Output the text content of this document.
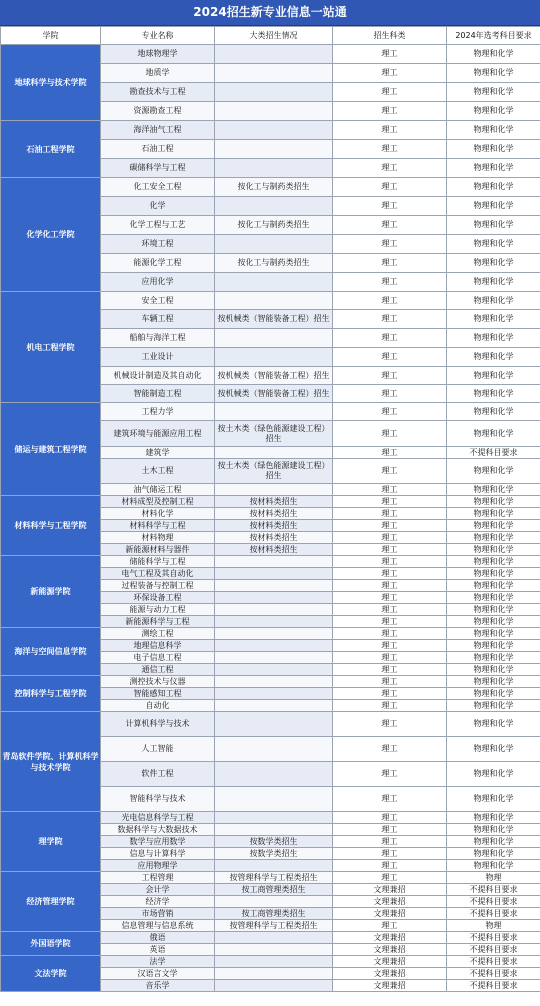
2024招生新专业信息一站通
学院	专业名称	大类招生情况	招生科类	2024年选考科目要求
地球科学与技术学院	地球物理学		理工	物理和化学
	地质学		理工	物理和化学
	勘查技术与工程		理工	物理和化学
	资源勘查工程		理工	物理和化学
石油工程学院	海洋油气工程		理工	物理和化学
	石油工程		理工	物理和化学
	碳储科学与工程		理工	物理和化学
化学化工学院	化工安全工程	按化工与制药类招生	理工	物理和化学
	化学		理工	物理和化学
	化学工程与工艺	按化工与制药类招生	理工	物理和化学
	环境工程		理工	物理和化学
	能源化学工程	按化工与制药类招生	理工	物理和化学
	应用化学		理工	物理和化学
机电工程学院	安全工程		理工	物理和化学
	车辆工程	按机械类（智能装备工程）招生	理工	物理和化学
	船舶与海洋工程		理工	物理和化学
	工业设计		理工	物理和化学
	机械设计制造及其自动化	按机械类（智能装备工程）招生	理工	物理和化学
	智能制造工程	按机械类（智能装备工程）招生	理工	物理和化学
储运与建筑工程学院	工程力学		理工	物理和化学
	建筑环境与能源应用工程	按土木类（绿色能源建设工程）招生	理工	物理和化学
	建筑学		理工	不提科目要求
	土木工程	按土木类（绿色能源建设工程）招生	理工	物理和化学
	油气储运工程		理工	物理和化学
材料科学与工程学院	材料成型及控制工程	按材料类招生	理工	物理和化学
	材料化学	按材料类招生	理工	物理和化学
	材料科学与工程	按材料类招生	理工	物理和化学
	材料物理	按材料类招生	理工	物理和化学
	新能源材料与器件	按材料类招生	理工	物理和化学
新能源学院	储能科学与工程		理工	物理和化学
	电气工程及其自动化		理工	物理和化学
	过程装备与控制工程		理工	物理和化学
	环保设备工程		理工	物理和化学
	能源与动力工程		理工	物理和化学
	新能源科学与工程		理工	物理和化学
海洋与空间信息学院	测绘工程		理工	物理和化学
	地理信息科学		理工	物理和化学
	电子信息工程		理工	物理和化学
	通信工程		理工	物理和化学
控制科学与工程学院	测控技术与仪器		理工	物理和化学
	智能感知工程		理工	物理和化学
	自动化		理工	物理和化学
青岛软件学院、计算机科学与技术学院	计算机科学与技术		理工	物理和化学
	人工智能		理工	物理和化学
	软件工程		理工	物理和化学
	智能科学与技术		理工	物理和化学
理学院	光电信息科学与工程		理工	物理和化学
	数据科学与大数据技术		理工	物理和化学
	数学与应用数学	按数学类招生	理工	物理和化学
	信息与计算科学	按数学类招生	理工	物理和化学
	应用物理学		理工	物理和化学
经济管理学院	工程管理	按管理科学与工程类招生	理工	物理
	会计学	按工商管理类招生	文理兼招	不提科目要求
	经济学		文理兼招	不提科目要求
	市场营销	按工商管理类招生	文理兼招	不提科目要求
	信息管理与信息系统	按管理科学与工程类招生	理工	物理
外国语学院	俄语		文理兼招	不提科目要求
	英语		文理兼招	不提科目要求
文法学院	法学		文理兼招	不提科目要求
	汉语言文学		文理兼招	不提科目要求
	音乐学		文理兼招	不提科目要求
